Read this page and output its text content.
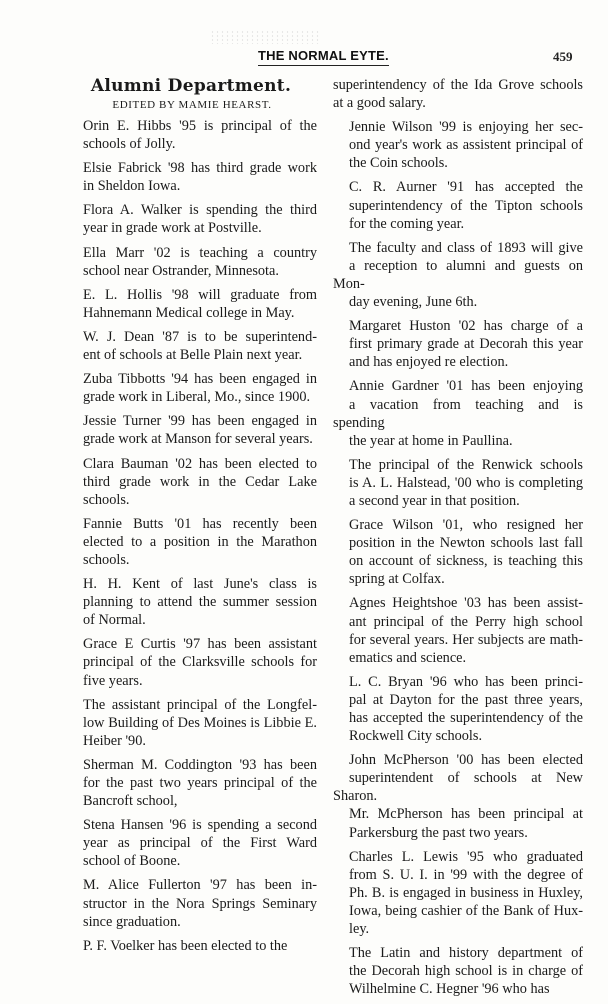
THE NORMAL EYTE.	459
Alumni Department.
EDITED BY MAMIE HEARST.
Orin E. Hibbs '95 is principal of the
schools of Jolly.
Elsie Fabrick '98 has third grade work
in Sheldon Iowa.
Flora A. Walker is spending the third
year in grade work at Postville.
Ella Marr '02 is teaching a country
school near Ostrander, Minnesota.
E. L. Hollis '98 will graduate from
Hahnemann Medical college in May.
W. J. Dean '87 is to be superintend-
ent of schools at Belle Plain next year.
Zuba Tibbotts '94 has been engaged in
grade work in Liberal, Mo., since 1900.
Jessie Turner '99 has been engaged in
grade work at Manson for several years.
Clara Bauman '02 has been elected to
third grade work in the Cedar Lake
schools.
Fannie Butts '01 has recently been
elected to a position in the Marathon
schools.
H. H. Kent of last June's class is
planning to attend the summer session
of Normal.
Grace E Curtis '97 has been assistant
principal of the Clarksville schools for
five years.
The assistant principal of the Longfel-
low Building of Des Moines is Libbie E.
Heiber '90.
Sherman M. Coddington '93 has been
for the past two years principal of the
Bancroft school,
Stena Hansen '96 is spending a second
year as principal of the First Ward
school of Boone.
M. Alice Fullerton '97 has been in-
structor in the Nora Springs Seminary
since graduation.
P. F. Voelker has been elected to the
superintendency of the Ida Grove schools
at a good salary.
Jennie Wilson '99 is enjoying her sec-
ond year's work as assistent principal of
the Coin schools.
C. R. Aurner '91 has accepted the
superintendency of the Tipton schools
for the coming year.
The faculty and class of 1893 will give
a reception to alumni and guests on Mon-
day evening, June 6th.
Margaret Huston '02 has charge of a
first primary grade at Decorah this year
and has enjoyed re election.
Annie Gardner '01 has been enjoying
a vacation from teaching and is spending
the year at home in Paullina.
The principal of the Renwick schools
is A. L. Halstead, '00 who is completing
a second year in that position.
Grace Wilson '01, who resigned her
position in the Newton schools last fall
on account of sickness, is teaching this
spring at Colfax.
Agnes Heightshoe '03 has been assist-
ant principal of the Perry high school
for several years. Her subjects are math-
ematics and science.
L. C. Bryan '96 who has been princi-
pal at Dayton for the past three years,
has accepted the superintendency of the
Rockwell City schools.
John McPherson '00 has been elected
superintendent of schools at New Sharon.
Mr. McPherson has been principal at
Parkersburg the past two years.
Charles L. Lewis '95 who graduated
from S. U. I. in '99 with the degree of
Ph. B. is engaged in business in Huxley,
Iowa, being cashier of the Bank of Hux-
ley.
The Latin and history department of
the Decorah high school is in charge of
Wilhelmine C. Hegner '96 who has
